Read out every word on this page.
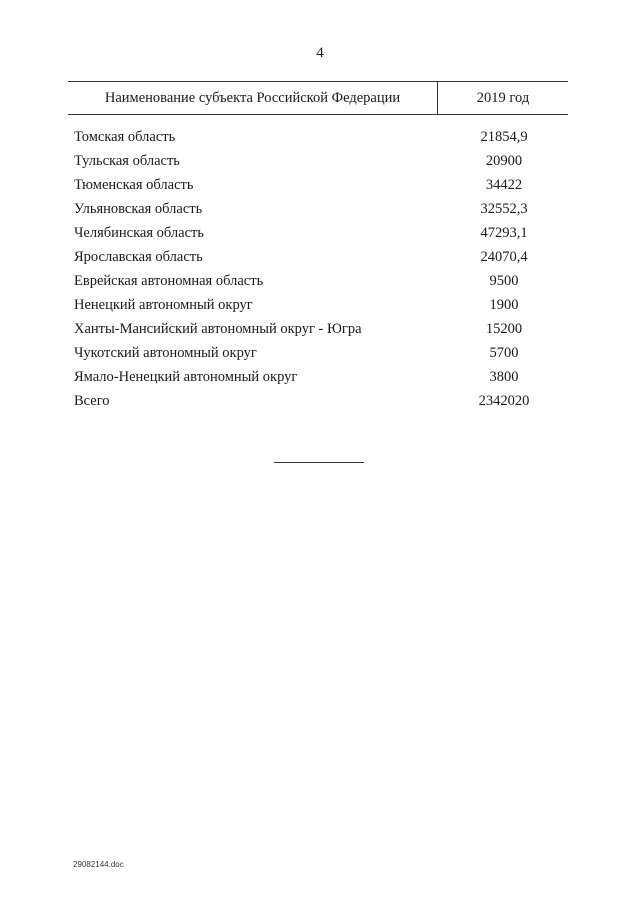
4
Наименование субъекта Российской Федерации	2019 год
Томская область	21854,9
Тульская область	20900
Тюменская область	34422
Ульяновская область	32552,3
Челябинская область	47293,1
Ярославская область	24070,4
Еврейская автономная область	9500
Ненецкий автономный округ	1900
Ханты-Мансийский автономный округ - Югра	15200
Чукотский автономный округ	5700
Ямало-Ненецкий автономный округ	3800
Всего	2342020
29082144.doc
